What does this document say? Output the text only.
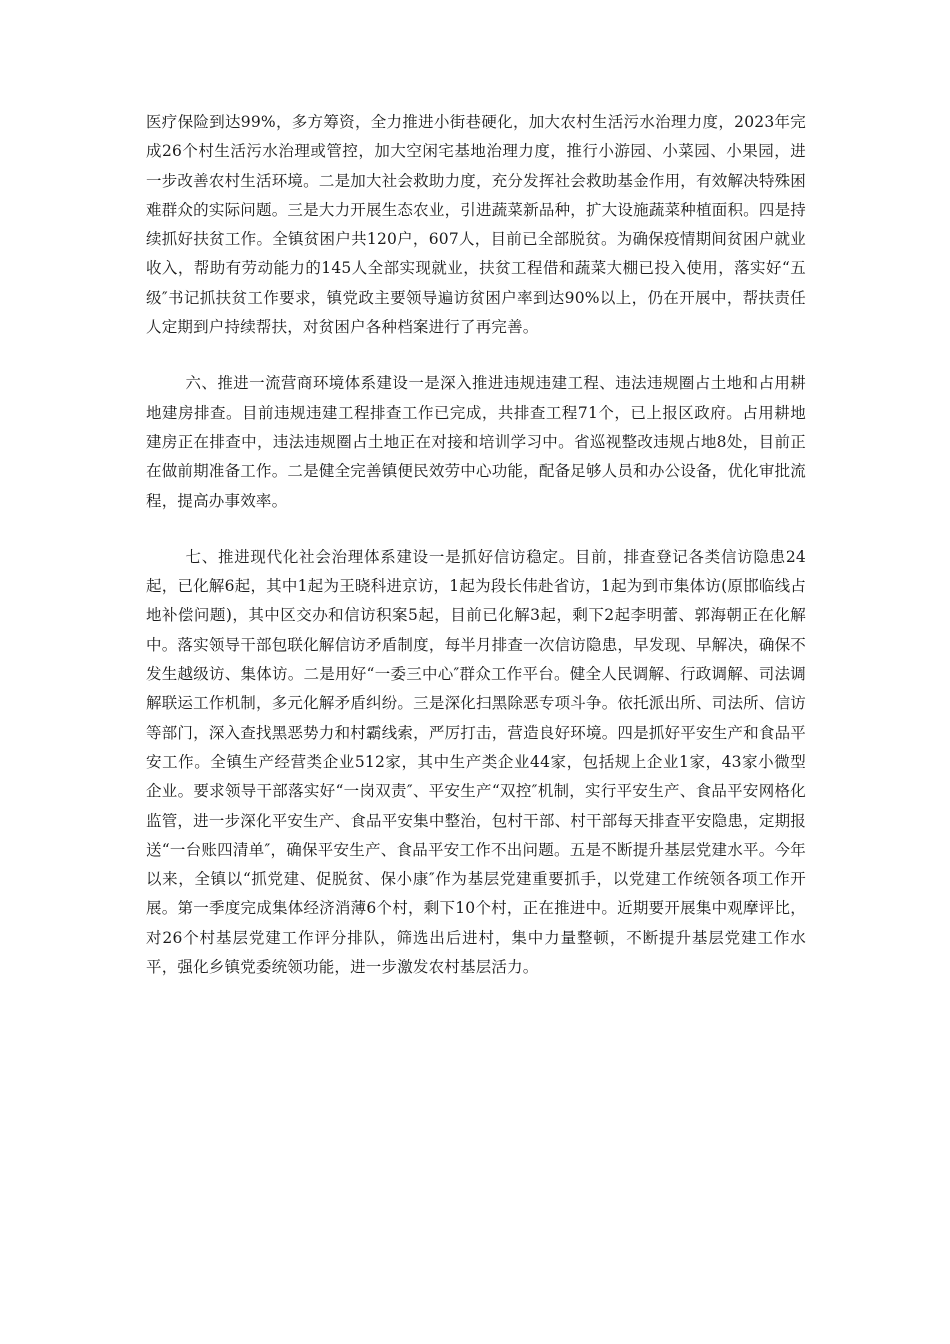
医疗保险到达99%，多方筹资，全力推进小街巷硬化，加大农村生活污水治理力度，2023年完成26个村生活污水治理或管控，加大空闲宅基地治理力度，推行小游园、小菜园、小果园，进一步改善农村生活环境。二是加大社会救助力度，充分发挥社会救助基金作用，有效解决特殊困难群众的实际问题。三是大力开展生态农业，引进蔬菜新品种，扩大设施蔬菜种植面积。四是持续抓好扶贫工作。全镇贫困户共120户，607人，目前已全部脱贫。为确保疫情期间贫困户就业收入，帮助有劳动能力的145人全部实现就业，扶贫工程借和蔬菜大棚已投入使用，落实好“五级″书记抓扶贫工作要求，镇党政主要领导遍访贫困户率到达90%以上，仍在开展中，帮扶责任人定期到户持续帮扶，对贫困户各种档案进行了再完善。

六、推进一流营商环境体系建设一是深入推进违规违建工程、违法违规圈占土地和占用耕地建房排查。目前违规违建工程排查工作已完成，共排查工程71个，已上报区政府。占用耕地建房正在排查中，违法违规圈占土地正在对接和培训学习中。省巡视整改违规占地8处，目前正在做前期准备工作。二是健全完善镇便民效劳中心功能，配备足够人员和办公设备，优化审批流程，提高办事效率。

七、推进现代化社会治理体系建设一是抓好信访稳定。目前，排查登记各类信访隐患24起，已化解6起，其中1起为王晓科进京访，1起为段长伟赴省访，1起为到市集体访(原邯临线占地补偿问题)，其中区交办和信访积案5起，目前已化解3起，剩下2起李明蕾、郭海朝正在化解中。落实领导干部包联化解信访矛盾制度，每半月排查一次信访隐患，早发现、早解决，确保不发生越级访、集体访。二是用好“一委三中心″群众工作平台。健全人民调解、行政调解、司法调解联运工作机制，多元化解矛盾纠纷。三是深化扫黑除恶专项斗争。依托派出所、司法所、信访等部门，深入查找黑恶势力和村霸线索，严厉打击，营造良好环境。四是抓好平安生产和食品平安工作。全镇生产经营类企业512家，其中生产类企业44家，包括规上企业1家，43家小微型企业。要求领导干部落实好“一岗双责″、平安生产“双控″机制，实行平安生产、食品平安网格化监管，进一步深化平安生产、食品平安集中整治，包村干部、村干部每天排查平安隐患，定期报送“一台账四清单″，确保平安生产、食品平安工作不出问题。五是不断提升基层党建水平。今年以来，全镇以“抓党建、促脱贫、保小康″作为基层党建重要抓手，以党建工作统领各项工作开展。第一季度完成集体经济消薄6个村，剩下10个村，正在推进中。近期要开展集中观摩评比，对26个村基层党建工作评分排队，筛选出后进村，集中力量整顿，不断提升基层党建工作水平，强化乡镇党委统领功能，进一步激发农村基层活力。
